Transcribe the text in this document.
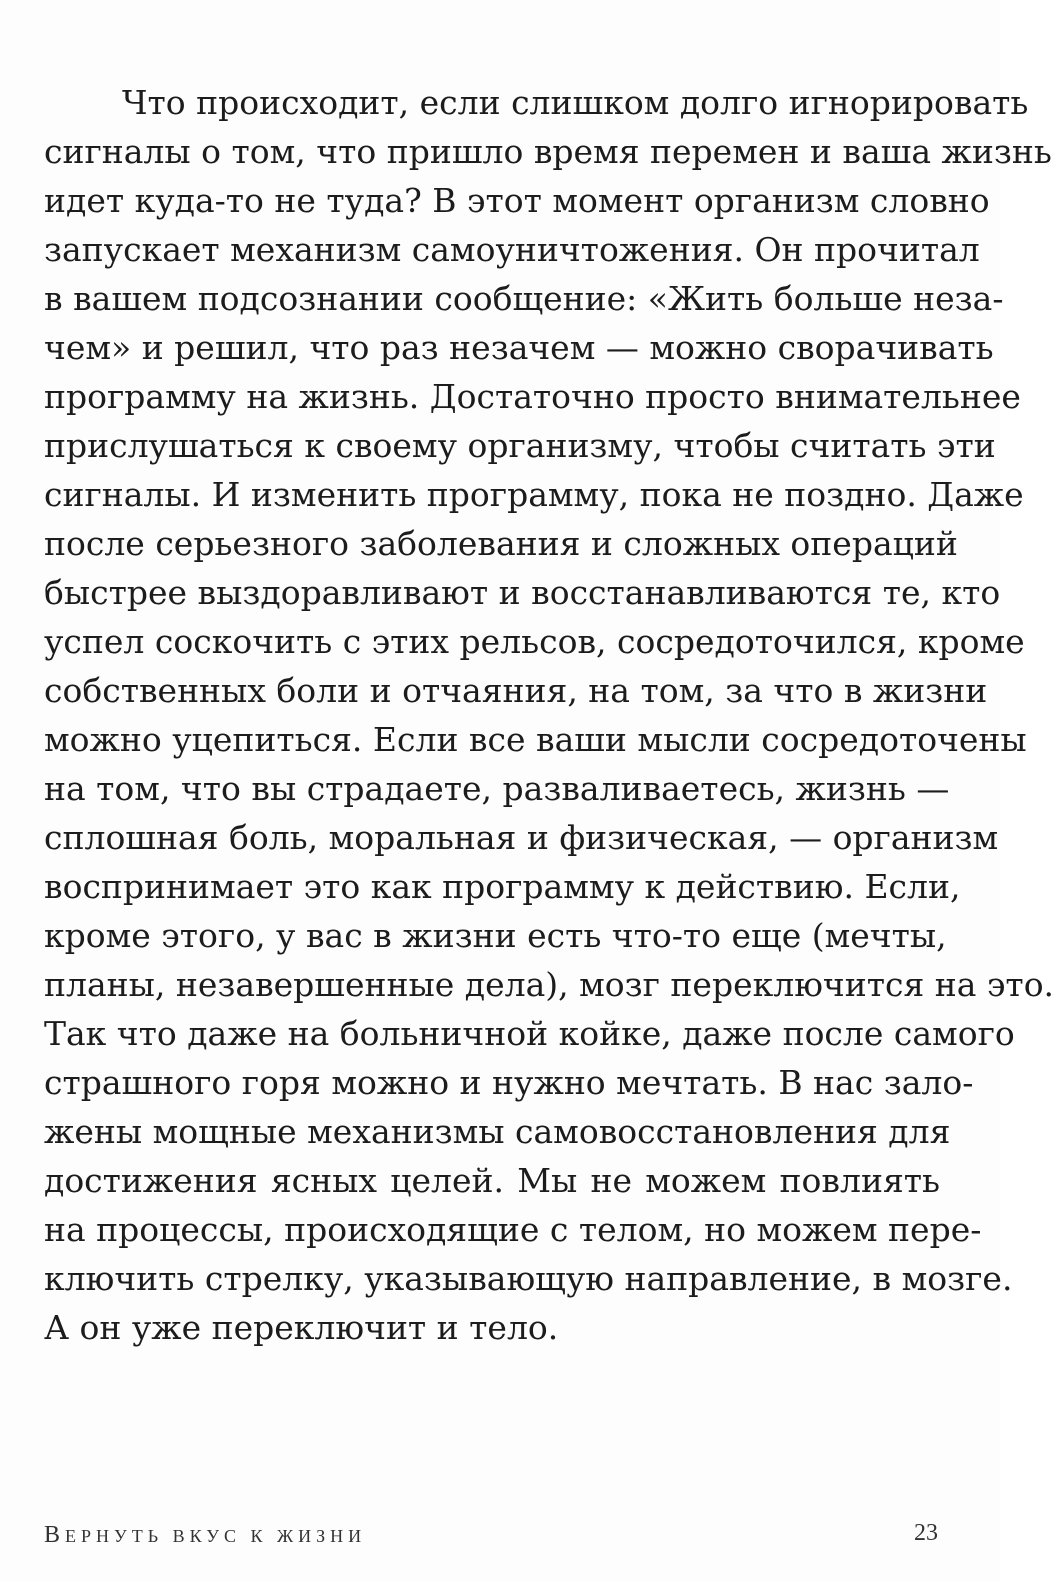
Что происходит, если слишком долго игнорировать
сигналы о том, что пришло время перемен и ваша жизнь
идет куда-то не туда? В этот момент организм словно
запускает механизм самоуничтожения. Он прочитал
в вашем подсознании сообщение: «Жить больше неза-
чем» и решил, что раз незачем — можно сворачивать
программу на жизнь. Достаточно просто внимательнее
прислушаться к своему организму, чтобы считать эти
сигналы. И изменить программу, пока не поздно. Даже
после серьезного заболевания и сложных операций
быстрее выздоравливают и восстанавливаются те, кто
успел соскочить с этих рельсов, сосредоточился, кроме
собственных боли и отчаяния, на том, за что в жизни
можно уцепиться. Если все ваши мысли сосредоточены
на том, что вы страдаете, разваливаетесь, жизнь —
сплошная боль, моральная и физическая, — организм
воспринимает это как программу к действию. Если,
кроме этого, у вас в жизни есть что-то еще (мечты,
планы, незавершенные дела), мозг переключится на это.
Так что даже на больничной койке, даже после самого
страшного горя можно и нужно мечтать. В нас зало-
жены мощные механизмы самовосстановления для
достижения ясных целей. Мы не можем повлиять
на процессы, происходящие с телом, но можем пере-
ключить стрелку, указывающую направление, в мозге.
А он уже переключит и тело.
ВЕРНУТЬ ВКУС К ЖИЗНИ	23
